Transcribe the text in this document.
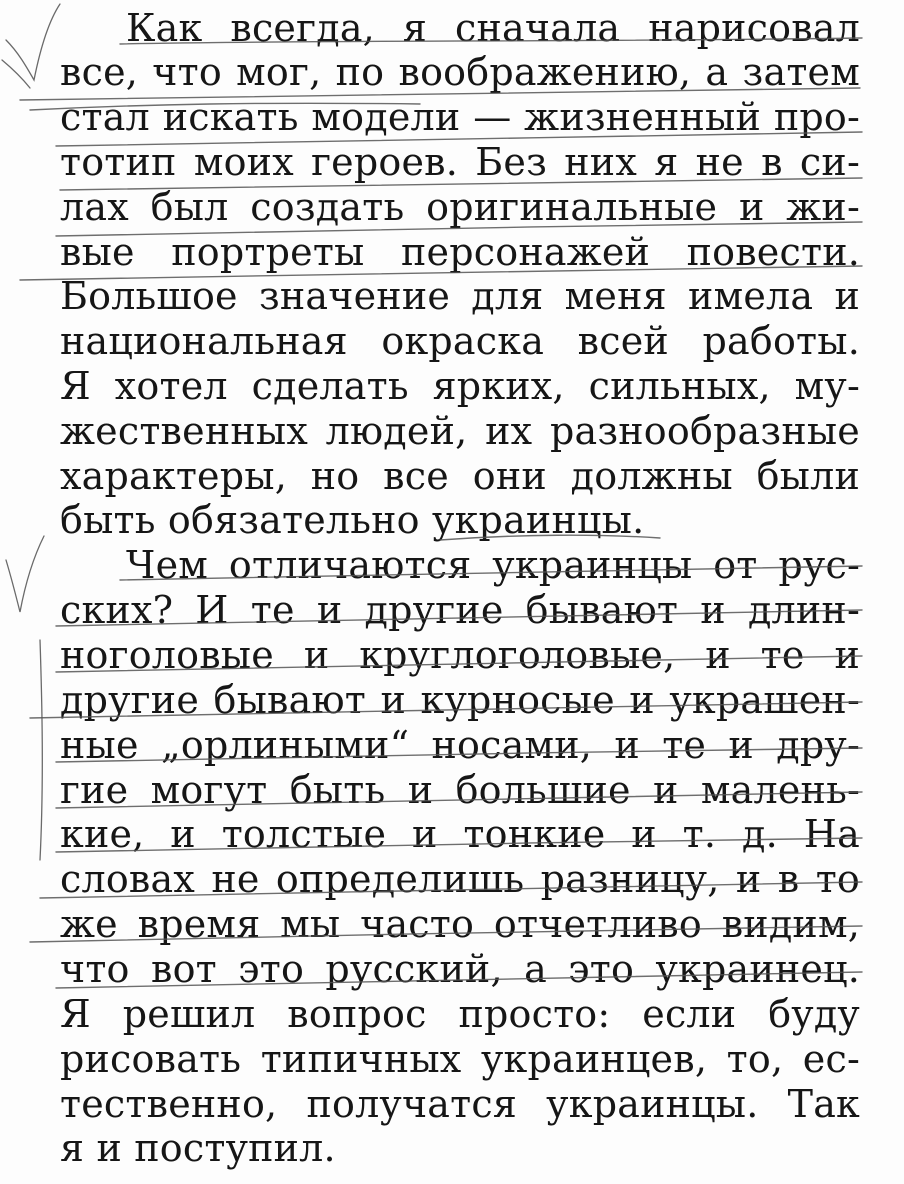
Как всегда, я сначала нарисовал
все, что мог, по воображению, а затем
стал искать модели — жизненный про-
тотип моих героев. Без них я не в си-
лах был создать оригинальные и жи-
вые портреты персонажей повести.
Большое значение для меня имела и
национальная окраска всей работы.
Я хотел сделать ярких, сильных, му-
жественных людей, их разнообразные
характеры, но все они должны были
быть обязательно украинцы.
Чем отличаются украинцы от рус-
ских? И те и другие бывают и длин-
ноголовые и круглоголовые, и те и
другие бывают и курносые и украшен-
ные „орлиными“ носами, и те и дру-
гие могут быть и большие и малень-
кие, и толстые и тонкие и т. д. На
словах не определишь разницу, и в то
же время мы часто отчетливо видим,
что вот это русский, а это украинец.
Я решил вопрос просто: если буду
рисовать типичных украинцев, то, ес-
тественно, получатся украинцы. Так
я и поступил.
